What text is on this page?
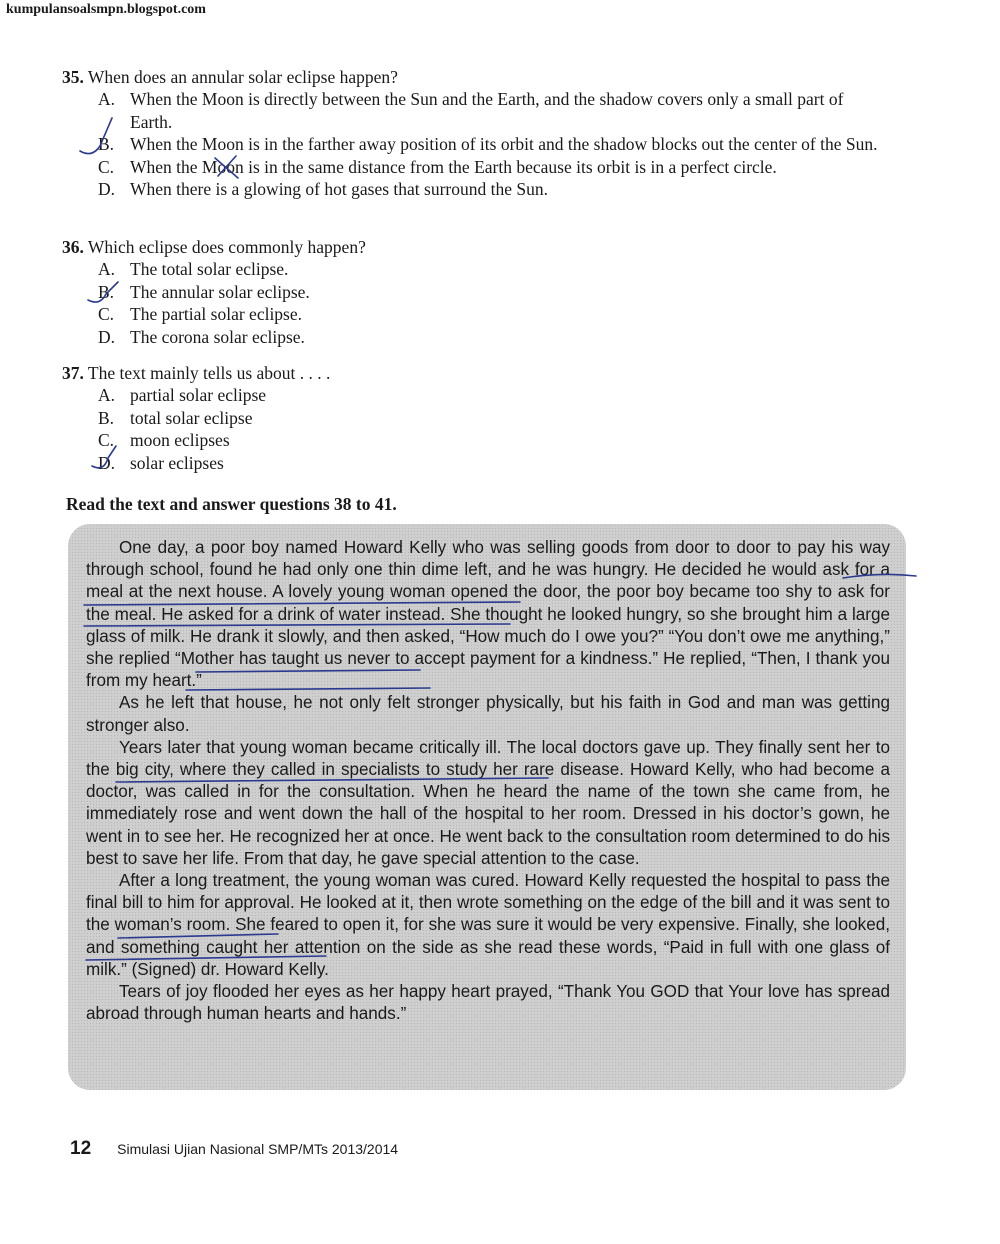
kumpulansoalsmpn.blogspot.com
35. When does an annular solar eclipse happen?
A. When the Moon is directly between the Sun and the Earth, and the shadow covers only a small part of Earth.
B. When the Moon is in the farther away position of its orbit and the shadow blocks out the center of the Sun.
C. When the Moon is in the same distance from the Earth because its orbit is in a perfect circle.
D. When there is a glowing of hot gases that surround the Sun.
36. Which eclipse does commonly happen?
A. The total solar eclipse.
B. The annular solar eclipse.
C. The partial solar eclipse.
D. The corona solar eclipse.
37. The text mainly tells us about . . . .
A. partial solar eclipse
B. total solar eclipse
C. moon eclipses
D. solar eclipses
Read the text and answer questions 38 to 41.

One day, a poor boy named Howard Kelly who was selling goods from door to door to pay his way through school, found he had only one thin dime left, and he was hungry. He decided he would ask for a meal at the next house. A lovely young woman opened the door, the poor boy became too shy to ask for the meal. He asked for a drink of water instead. She thought he looked hungry, so she brought him a large glass of milk. He drank it slowly, and then asked, “How much do I owe you?” “You don’t owe me anything,” she replied “Mother has taught us never to accept payment for a kindness.” He replied, “Then, I thank you from my heart.”

As he left that house, he not only felt stronger physically, but his faith in God and man was getting stronger also.

Years later that young woman became critically ill. The local doctors gave up. They finally sent her to the big city, where they called in specialists to study her rare disease. Howard Kelly, who had become a doctor, was called in for the consultation. When he heard the name of the town she came from, he immediately rose and went down the hall of the hospital to her room. Dressed in his doctor’s gown, he went in to see her. He recognized her at once. He went back to the consultation room determined to do his best to save her life. From that day, he gave special attention to the case.

After a long treatment, the young woman was cured. Howard Kelly requested the hospital to pass the final bill to him for approval. He looked at it, then wrote something on the edge of the bill and it was sent to the woman’s room. She feared to open it, for she was sure it would be very expensive. Finally, she looked, and something caught her attention on the side as she read these words, “Paid in full with one glass of milk.” (Signed) dr. Howard Kelly.

Tears of joy flooded her eyes as her happy heart prayed, “Thank You GOD that Your love has spread abroad through human hearts and hands.”

12 Simulasi Ujian Nasional SMP/MTs 2013/2014
